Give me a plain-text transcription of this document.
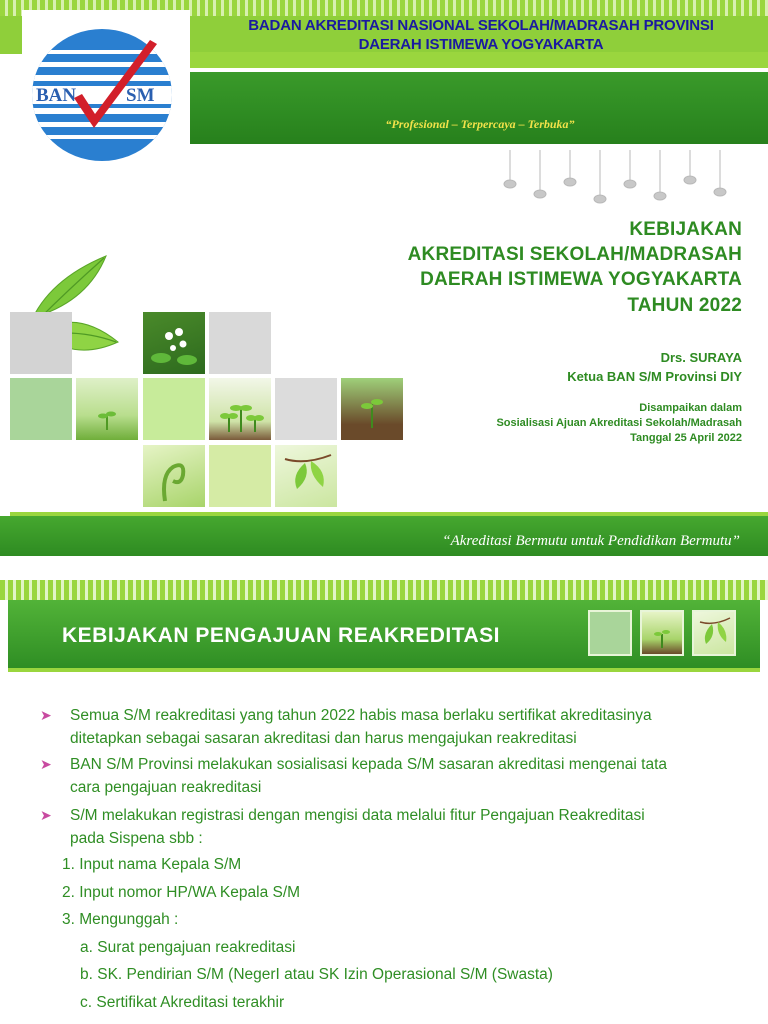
BADAN AKREDITASI NASIONAL SEKOLAH/MADRASAH PROVINSI
DAERAH ISTIMEWA YOGYAKARTA
“Profesional – Terpercaya – Terbuka”
BAN	SM
KEBIJAKAN
AKREDITASI SEKOLAH/MADRASAH
DAERAH ISTIMEWA YOGYAKARTA
TAHUN 2022
Drs. SURAYA
Ketua BAN S/M Provinsi DIY
Disampaikan dalam
Sosialisasi Ajuan Akreditasi Sekolah/Madrasah
Tanggal 25 April 2022
“Akreditasi Bermutu untuk Pendidikan Bermutu”
KEBIJAKAN PENGAJUAN REAKREDITASI
➤ Semua S/M reakreditasi yang tahun 2022 habis masa berlaku sertifikat akreditasinya
ditetapkan sebagai sasaran akreditasi dan harus mengajukan reakreditasi
➤ BAN S/M Provinsi melakukan sosialisasi kepada S/M sasaran akreditasi mengenai tata
cara pengajuan reakreditasi
➤ S/M melakukan registrasi dengan mengisi data melalui fitur Pengajuan Reakreditasi
pada Sispena sbb :
1. Input nama Kepala S/M
2. Input nomor HP/WA Kepala S/M
3. Mengunggah :
a. Surat pengajuan reakreditasi
b. SK. Pendirian S/M (NegerI atau SK Izin Operasional S/M (Swasta)
c. Sertifikat Akreditasi terakhir
